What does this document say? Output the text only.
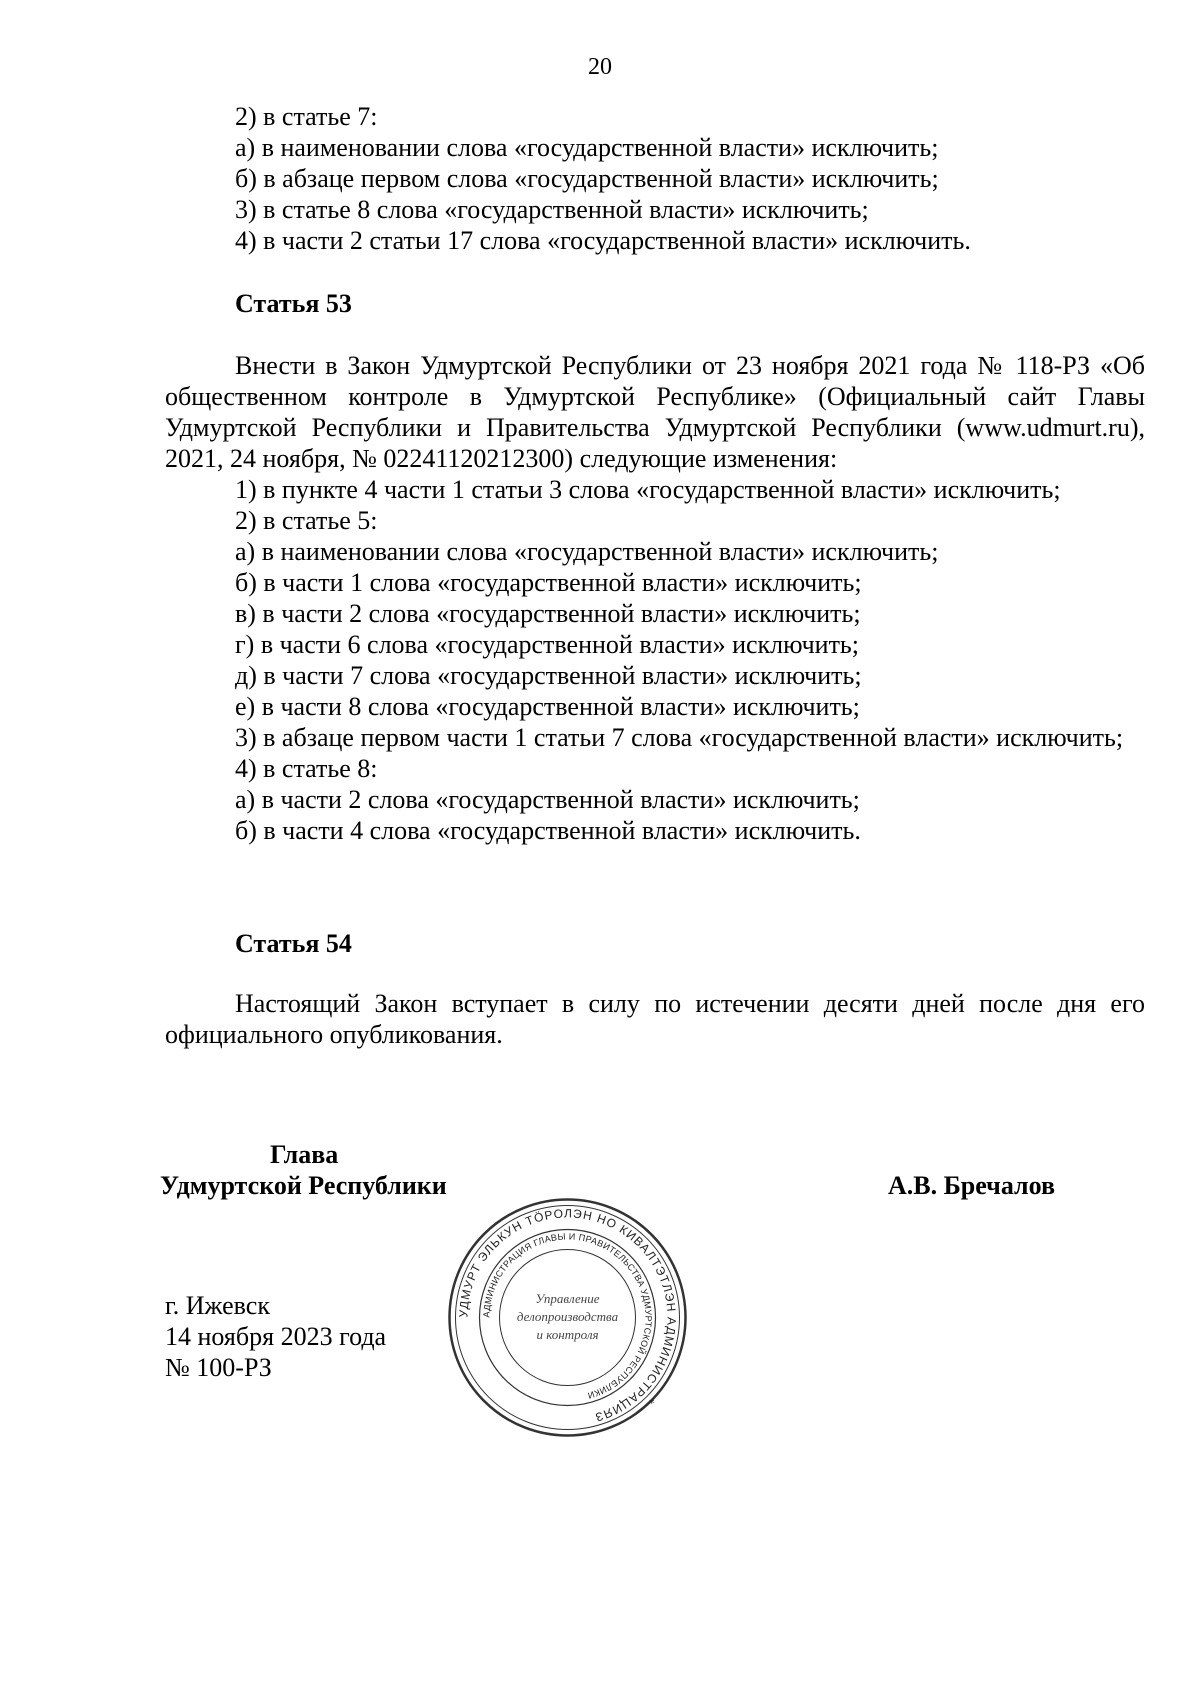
20

2) в статье 7:

а) в наименовании слова «государственной власти» исключить;

б) в абзаце первом слова «государственной власти» исключить;

3) в статье 8 слова «государственной власти» исключить;

4) в части 2 статьи 17 слова «государственной власти» исключить.

Статья 53

Внести в Закон Удмуртской Республики от 23 ноября 2021 года № 118-РЗ «Об общественном контроле в Удмуртской Республике» (Официальный сайт Главы Удмуртской Республики и Правительства Удмуртской Республики (www.udmurt.ru), 2021, 24 ноября, № 02241120212300) следующие изменения:

1) в пункте 4 части 1 статьи 3 слова «государственной власти» исключить;

2) в статье 5:

а) в наименовании слова «государственной власти» исключить;

б) в части 1 слова «государственной власти» исключить;

в) в части 2 слова «государственной власти» исключить;

г) в части 6 слова «государственной власти» исключить;

д) в части 7 слова «государственной власти» исключить;

е) в части 8 слова «государственной власти» исключить;

3) в абзаце первом части 1 статьи 7 слова «государственной власти» исключить;

4) в статье 8:

а) в части 2 слова «государственной власти» исключить;

б) в части 4 слова «государственной власти» исключить.

Статья 54

Настоящий Закон вступает в силу по истечении десяти дней после дня его официального опубликования.

Глава
Удмуртской Республики	А.В. Бречалов
УДМУРТ ЭЛЬКУН ТӦРОЛЭН НО КИВАЛТЭТЛЭН АДМИНИСТРАЦИЯЗ
АДМИНИСТРАЦИЯ ГЛАВЫ И ПРАВИТЕЛЬСТВА УДМУРТСКОЙ РЕСПУБЛИКИ
Управление
делопроизводства
и контроля
*
г. Ижевск
14 ноября 2023 года
№ 100-РЗ
